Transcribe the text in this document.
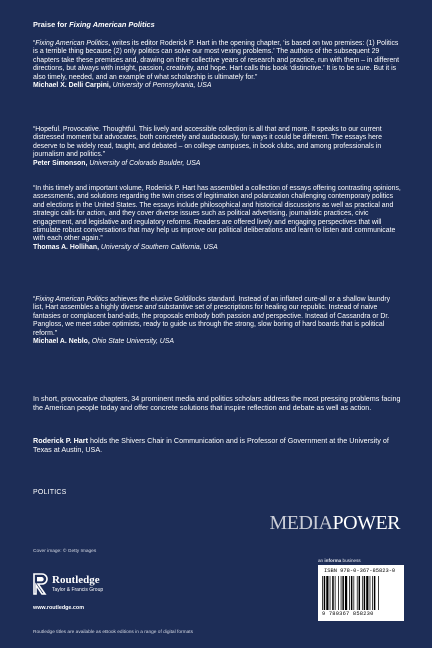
Praise for Fixing American Politics

“Fixing American Politics, writes its editor Roderick P. Hart in the opening chapter, ‘is based on two premises: (1) Politics is a terrible thing because (2) only politics can solve our most vexing problems.’ The authors of the subsequent 29 chapters take these premises and, drawing on their collective years of research and practice, run with them – in different directions, but always with insight, passion, creativity, and hope. Hart calls this book ‘distinctive.’ It is to be sure. But it is also timely, needed, and an example of what scholarship is ultimately for.”

Michael X. Delli Carpini, University of Pennsylvania, USA

“Hopeful. Provocative. Thoughtful. This lively and accessible collection is all that and more. It speaks to our current distressed moment but advocates, both concretely and audaciously, for ways it could be different. The essays here deserve to be widely read, taught, and debated – on college campuses, in book clubs, and among professionals in journalism and politics.”

Peter Simonson, University of Colorado Boulder, USA

“In this timely and important volume, Roderick P. Hart has assembled a collection of essays offering contrasting opinions, assessments, and solutions regarding the twin crises of legitimation and polarization challenging contemporary politics and elections in the United States. The essays include philosophical and historical discussions as well as practical and strategic calls for action, and they cover diverse issues such as political advertising, journalistic practices, civic engagement, and legislative and regulatory reforms. Readers are offered lively and engaging perspectives that will stimulate robust conversations that may help us improve our political deliberations and learn to listen and communicate with each other again.”

Thomas A. Hollihan, University of Southern California, USA

“Fixing American Politics achieves the elusive Goldilocks standard. Instead of an inflated cure-all or a shallow laundry list, Hart assembles a highly diverse and substantive set of prescriptions for healing our republic. Instead of naive fantasies or complacent band-aids, the proposals embody both passion and perspective. Instead of Cassandra or Dr. Pangloss, we meet sober optimists, ready to guide us through the strong, slow boring of hard boards that is political reform.”

Michael A. Neblo, Ohio State University, USA

In short, provocative chapters, 34 prominent media and politics scholars address the most pressing problems facing the American people today and offer concrete solutions that inspire reflection and debate as well as action.

Roderick P. Hart holds the Shivers Chair in Communication and is Professor of Government at the University of Texas at Austin, USA.

POLITICS

MEDIAPOWER

Cover image: © Getty Images

Routledge
Taylor & Francis Group

www.routledge.com

an informa business
ISBN 978-0-367-85823-0
9 780367 858230

Routledge titles are available as eBook editions in a range of digital formats
